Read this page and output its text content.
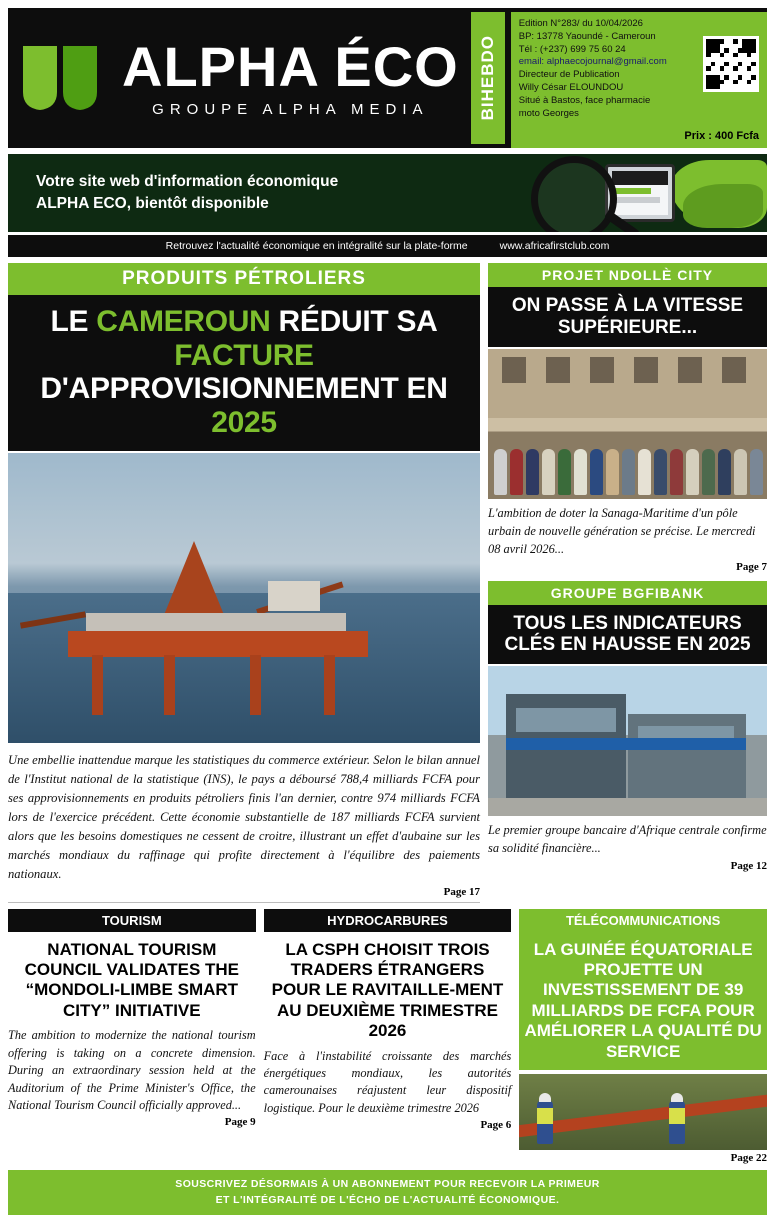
ALPHA ÉCO
GROUPE ALPHA MEDIA	BIHEBDO
Edition N°283/ du 10/04/2026
BP: 13778 Yaoundé - Cameroun
Tél : (+237) 699 75 60 24
email: alphaecojournal@gmail.com
Directeur de Publication
Willy César ELOUNDOU
Situé à Bastos, face pharmacie
moto Georges
Prix : 400 Fcfa
Votre site web d'information économique
ALPHA ECO, bientôt disponible
Retrouvez l'actualité économique en intégralité sur la plate-forme	www.africafirstclub.com
PRODUITS PÉTROLIERS
LE CAMEROUN RÉDUIT SA FACTURE
D'APPROVISIONNEMENT EN 2025
Une embellie inattendue marque les statistiques du commerce extérieur. Selon le bilan annuel de l'Institut national de la statistique (INS), le pays a déboursé 788,4 milliards FCFA pour ses approvisionnements en produits pétroliers finis l'an dernier, contre 974 milliards FCFA lors de l'exercice précédent. Cette économie substantielle de 187 milliards FCFA survient alors que les besoins domestiques ne cessent de croitre, illustrant un effet d'aubaine sur les marchés mondiaux du raffinage qui profite directement à l'équilibre des paiements nationaux.
Page 17
PROJET NDOLLÈ CITY
ON PASSE À LA VITESSE SUPÉRIEURE...
L'ambition de doter la Sanaga-Maritime d'un pôle urbain de nouvelle génération se précise. Le mercredi 08 avril 2026...
Page 7
GROUPE BGFIBANK
TOUS LES INDICATEURS CLÉS EN HAUSSE EN 2025
Le premier groupe bancaire d'Afrique centrale confirme sa solidité financière...
Page 12
TOURISM
NATIONAL TOURISM COUNCIL VALIDATES THE “MONDOLI-LIMBE SMART CITY” INITIATIVE
The ambition to modernize the national tourism offering is taking on a concrete dimension. During an extraordinary session held at the Auditorium of the Prime Minister's Office, the National Tourism Council officially approved...
Page 9
HYDROCARBURES
LA CSPH CHOISIT TROIS TRADERS ÉTRANGERS POUR LE RAVITAILLE-MENT AU DEUXIÈME TRIMESTRE 2026
Face à l'instabilité croissante des marchés énergétiques mondiaux, les autorités camerounaises réajustent leur dispositif logistique. Pour le deuxième trimestre 2026
Page 6
TÉLÉCOMMUNICATIONS
LA GUINÉE ÉQUATORIALE PROJETTE UN INVESTISSEMENT DE 39 MILLIARDS DE FCFA POUR AMÉLIORER LA QUALITÉ DU SERVICE
Page 22
SOUSCRIVEZ DÉSORMAIS À UN ABONNEMENT POUR RECEVOIR LA PRIMEUR
ET L'INTÉGRALITÉ DE L'ÉCHO DE L'ACTUALITÉ ÉCONOMIQUE.
